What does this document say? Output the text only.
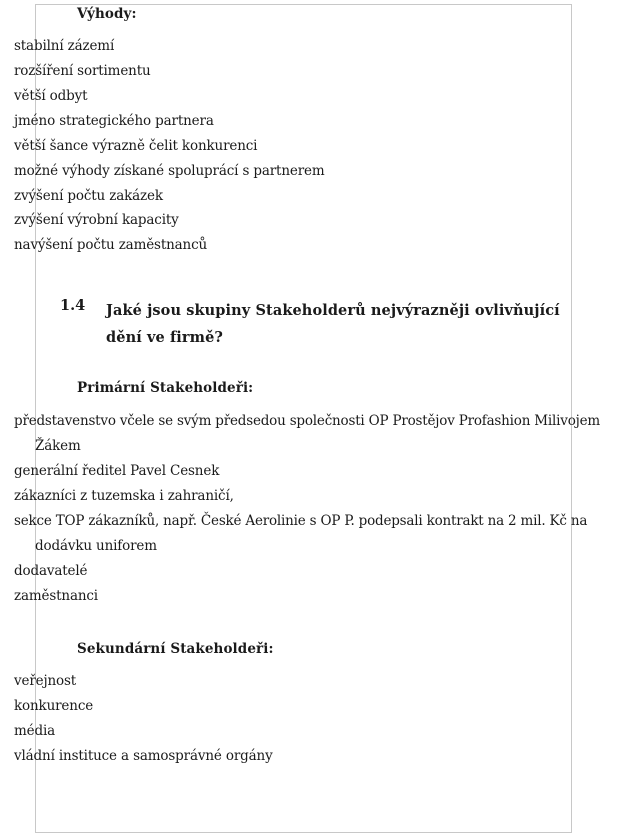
Výhody:
stabilní zázemí
rozšíření sortimentu
větší odbyt
jméno strategického partnera
větší šance výrazně čelit konkurenci
možné výhody získané spoluprácí s partnerem
zvýšení počtu zakázek
zvýšení výrobní kapacity
navýšení počtu zaměstnanců
1.4 Jaké jsou skupiny Stakeholderů nejvýrazněji ovlivňující dění ve firmě?
Primární Stakeholdeři:
představenstvo včele se svým předsedou společnosti OP Prostějov Profashion Milivojem
Žákem
generální ředitel Pavel Cesnek
zákazníci z tuzemska i zahraničí,
sekce TOP zákazníků, např. České Aerolinie s OP P. podepsali kontrakt na 2 mil. Kč na
dodávku uniforem
dodavatelé
zaměstnanci
Sekundární Stakeholdeři:
veřejnost
konkurence
média
vládní instituce a samosprávné orgány
